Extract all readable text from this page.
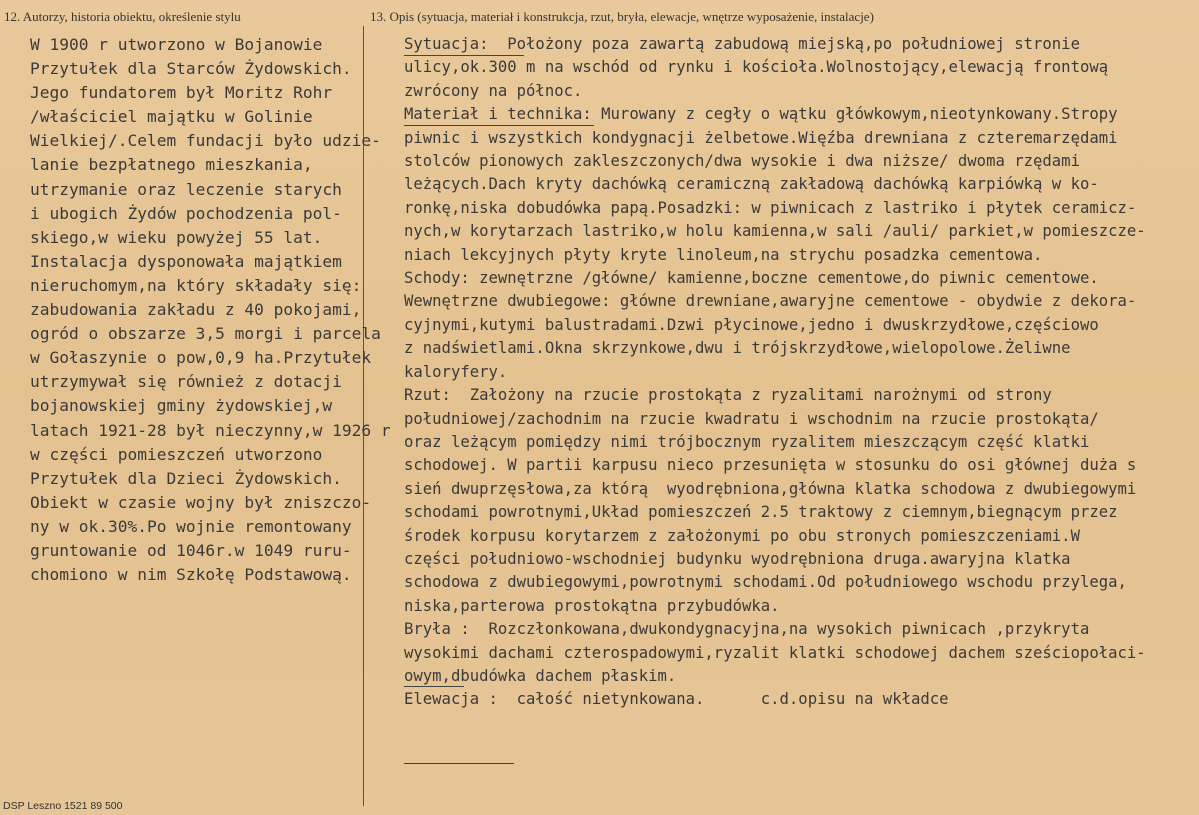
12. Autorzy, historia obiektu, określenie stylu	13. Opis (sytuacja, materiał i konstrukcja, rzut, bryła, elewacje, wnętrze wyposażenie, instalacje)
W 1900 r utworzono w Bojanowie
Przytułek dla Starców Żydowskich.
Jego fundatorem był Moritz Rohr
/właściciel majątku w Golinie
Wielkiej/.Celem fundacji było udzie-
lanie bezpłatnego mieszkania,
utrzymanie oraz leczenie starych
i ubogich Żydów pochodzenia pol-
skiego,w wieku powyżej 55 lat.
Instalacja dysponowała majątkiem
nieruchomym,na który składały się:
zabudowania zakładu z 40 pokojami,
ogród o obszarze 3,5 morgi i parcela
w Gołaszynie o pow,0,9 ha.Przytułek
utrzymywał się również z dotacji
bojanowskiej gminy żydowskiej,w
latach 1921-28 był nieczynny,w 1926 r
w części pomieszczeń utworzono
Przytułek dla Dzieci Żydowskich.
Obiekt w czasie wojny był zniszczo-
ny w ok.30%.Po wojnie remontowany
gruntowanie od 1046r.w 1049 ruru-
chomiono w nim Szkołę Podstawową.
Sytuacja:  Położony poza zawartą zabudową miejską,po południowej stronie
ulicy,ok.300 m na wschód od rynku i kościoła.Wolnostojący,elewacją frontową
zwrócony na północ.
Materiał i technika: Murowany z cegły o wątku główkowym,nieotynkowany.Stropy
piwnic i wszystkich kondygnacji żelbetowe.Więźba drewniana z czteremarzędami
stolców pionowych zakleszczonych/dwa wysokie i dwa niższe/ dwoma rzędami
leżących.Dach kryty dachówką ceramiczną zakładową dachówką karpiówką w ko-
ronkę,niska dobudówka papą.Posadzki: w piwnicach z lastriko i płytek ceramicz-
nych,w korytarzach lastriko,w holu kamienna,w sali /auli/ parkiet,w pomieszcze-
niach lekcyjnych płyty kryte linoleum,na strychu posadzka cementowa.
Schody: zewnętrzne /główne/ kamienne,boczne cementowe,do piwnic cementowe.
Wewnętrzne dwubiegowe: główne drewniane,awaryjne cementowe - obydwie z dekora-
cyjnymi,kutymi balustradami.Dzwi płycinowe,jedno i dwuskrzydłowe,częściowo
z nadświetlami.Okna skrzynkowe,dwu i trójskrzydłowe,wielopolowe.Żeliwne
kaloryfery.
Rzut:  Założony na rzucie prostokąta z ryzalitami narożnymi od strony
południowej/zachodnim na rzucie kwadratu i wschodnim na rzucie prostokąta/
oraz leżącym pomiędzy nimi trójbocznym ryzalitem mieszczącym część klatki
schodowej. W partii karpusu nieco przesunięta w stosunku do osi głównej duża s
sień dwuprzęsłowa,za którą  wyodrębniona,główna klatka schodowa z dwubiegowymi
schodami powrotnymi,Układ pomieszczeń 2.5 traktowy z ciemnym,biegnącym przez
środek korpusu korytarzem z założonymi po obu stronych pomieszczeniami.W
części południowo-wschodniej budynku wyodrębniona druga.awaryjna klatka
schodowa z dwubiegowymi,powrotnymi schodami.Od południowego wschodu przylega,
niska,parterowa prostokątna przybudówka.
Bryła :  Rozczłonkowana,dwukondygnacyjna,na wysokich piwnicach ,przykryta
wysokimi dachami czterospadowymi,ryzalit klatki schodowej dachem sześciopołaci-
owym,dbudówka dachem płaskim.
Elewacja :  całość nietynkowana.      c.d.opisu na wkładce
DSP Leszno 1521 89 500
